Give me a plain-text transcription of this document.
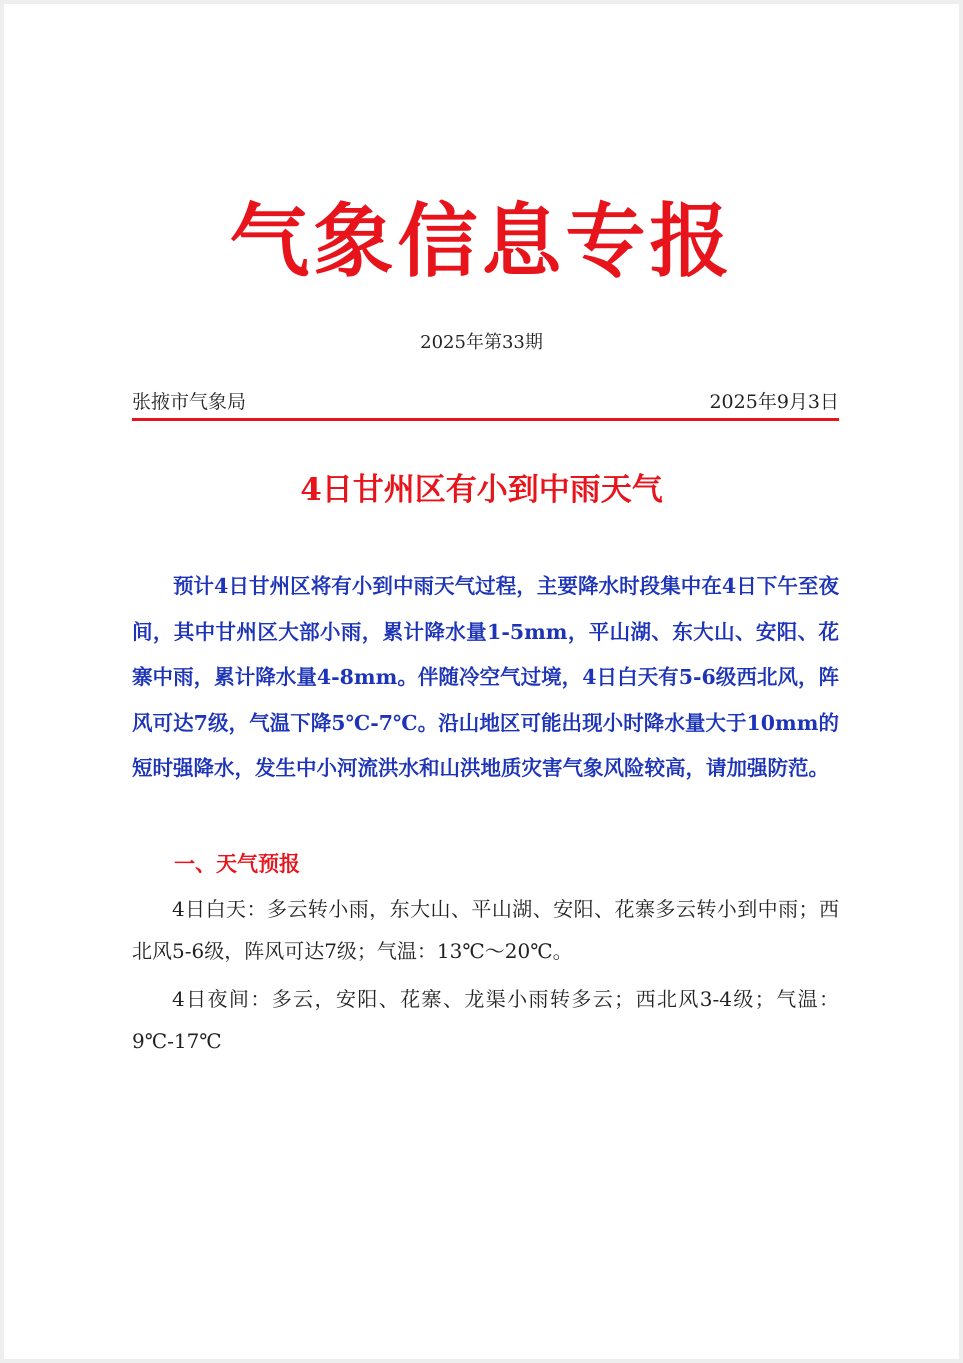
气象信息专报
2025年第33期
张掖市气象局	2025年9月3日
4日甘州区有小到中雨天气

预计4日甘州区将有小到中雨天气过程，主要降水时段集中在4日下午至夜间，其中甘州区大部小雨，累计降水量1-5mm，平山湖、东大山、安阳、花寨中雨，累计降水量4-8mm。伴随冷空气过境，4日白天有5-6级西北风，阵风可达7级，气温下降5℃-7℃。沿山地区可能出现小时降水量大于10mm的短时强降水，发生中小河流洪水和山洪地质灾害气象风险较高，请加强防范。

一、天气预报

4日白天：多云转小雨，东大山、平山湖、安阳、花寨多云转小到中雨；西北风5-6级，阵风可达7级；气温：13℃～20℃。

4日夜间：多云，安阳、花寨、龙渠小雨转多云；西北风3-4级；气温：9℃-17℃
